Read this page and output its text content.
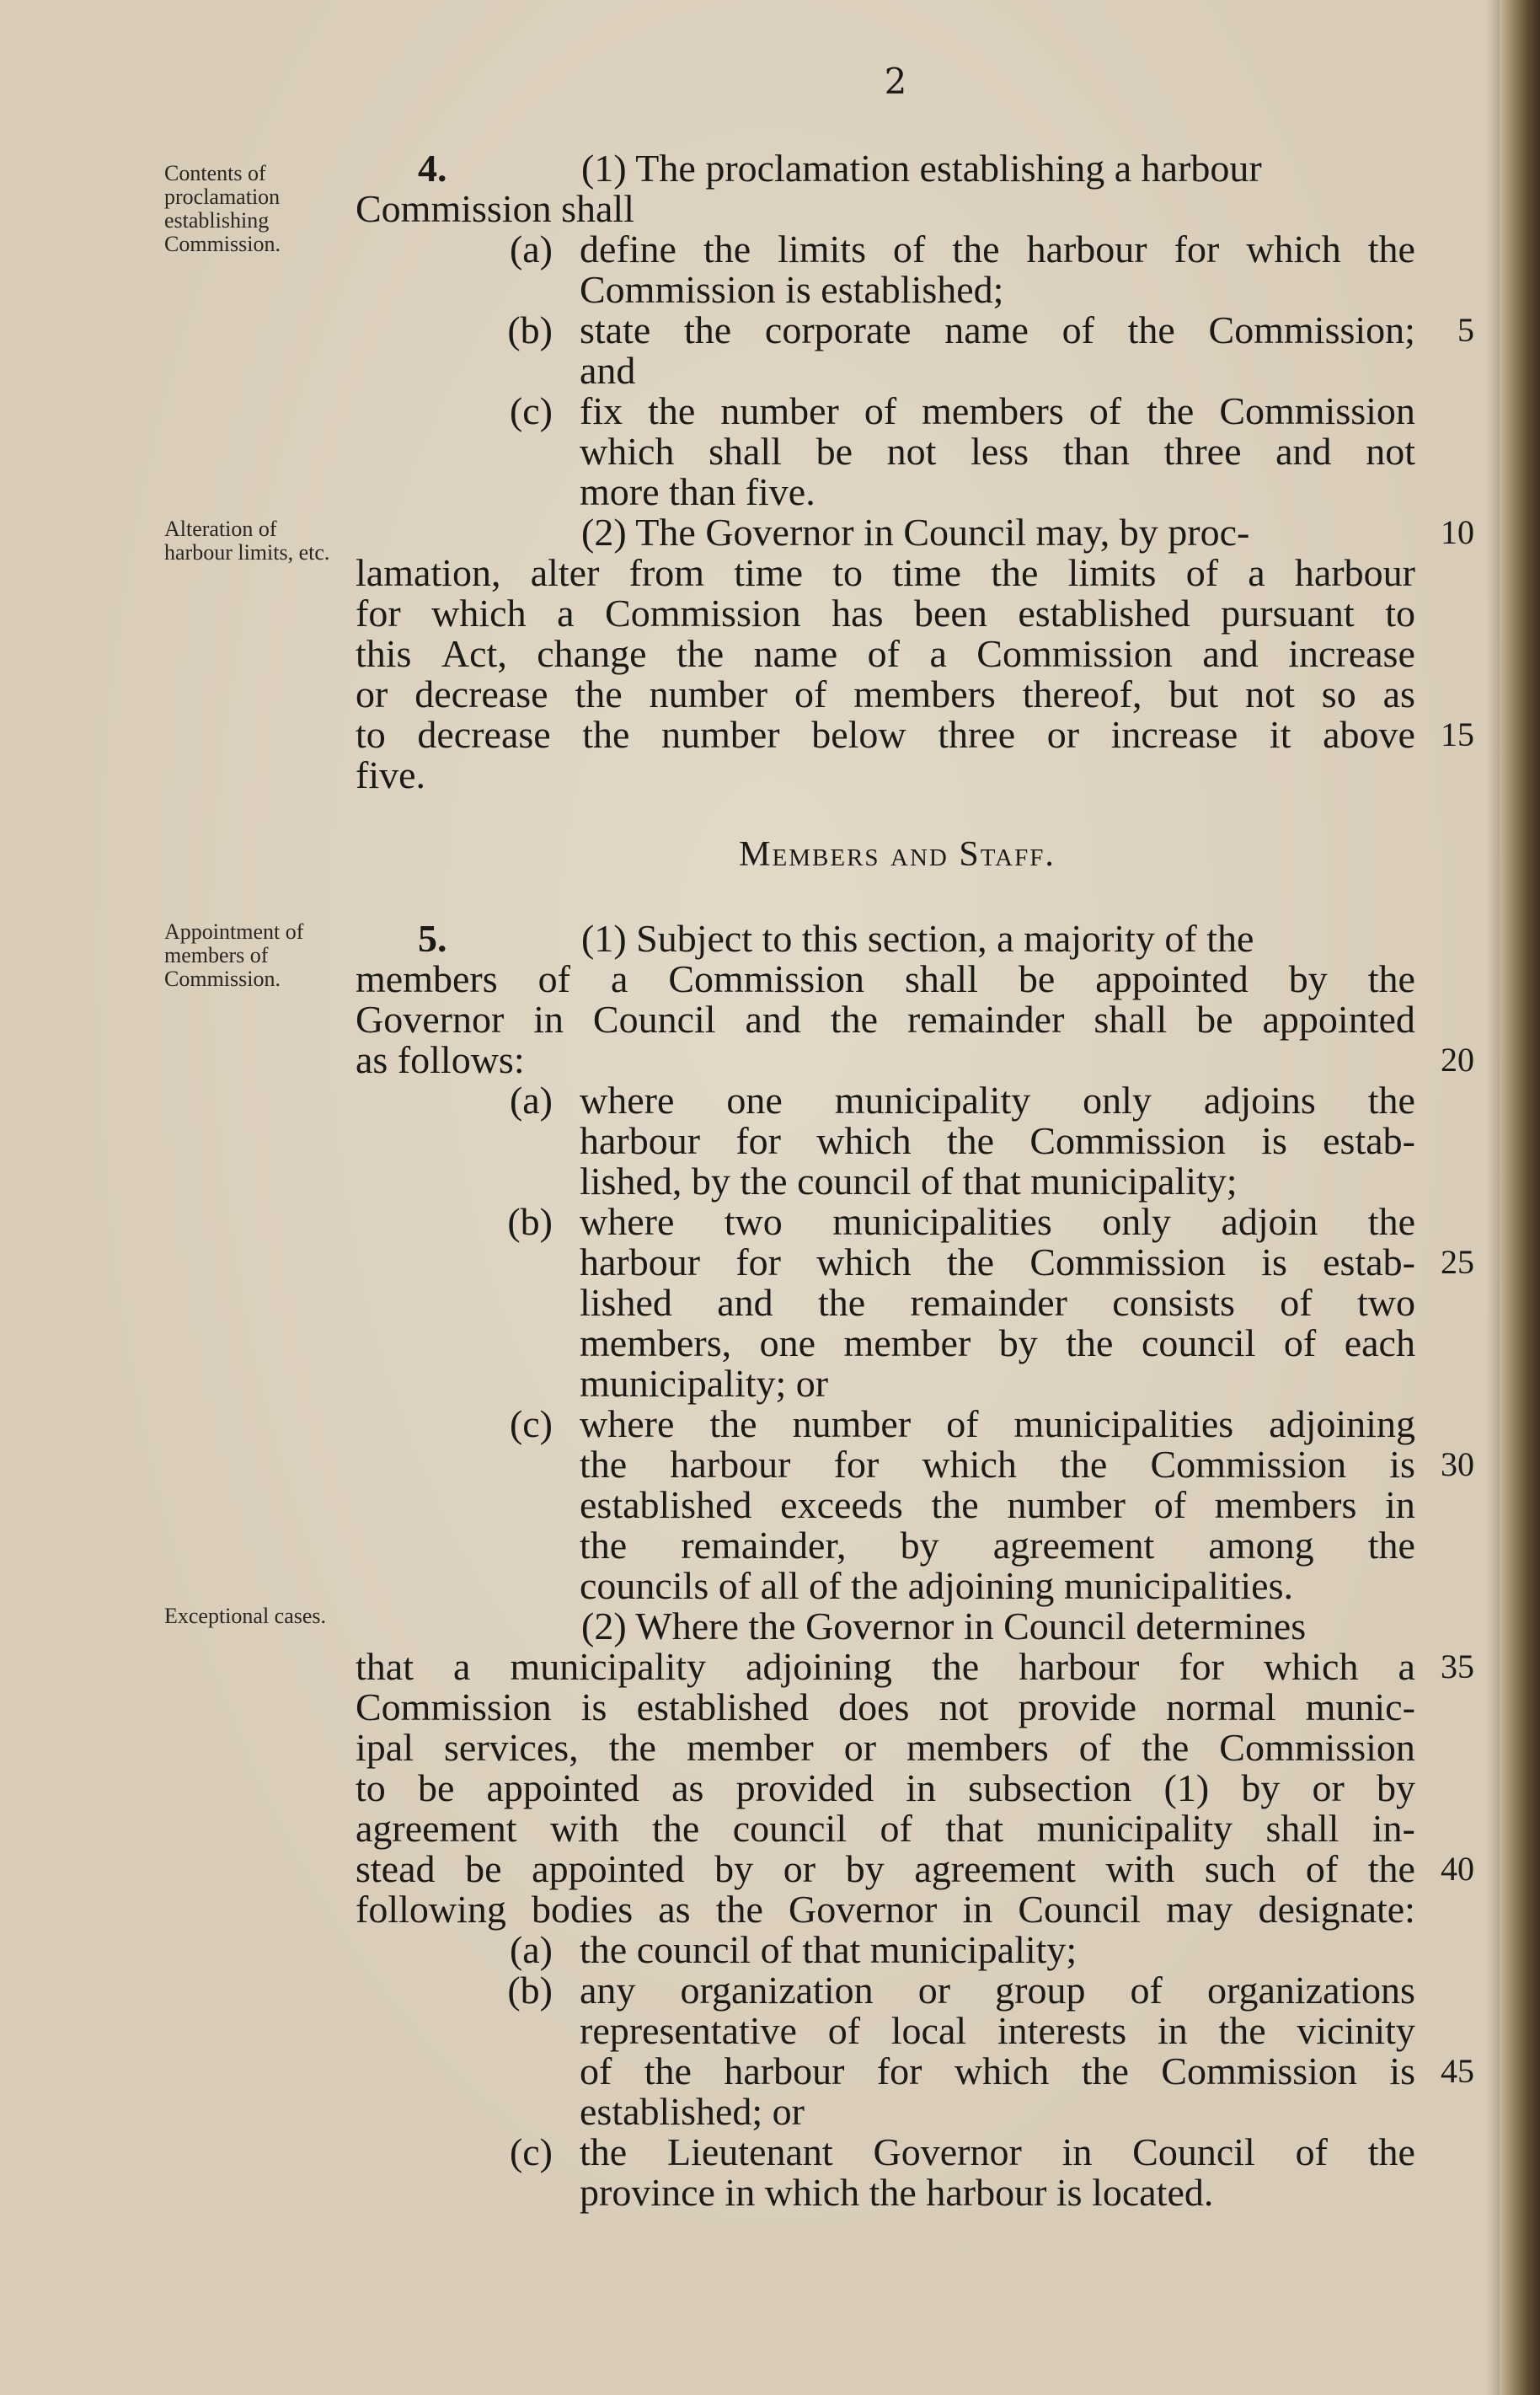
2
Contents of proclamation establishing Commission.
Alteration of harbour limits, etc.
Appointment of members of Commission.
Exceptional cases.
4.	(1) The proclamation establishing a harbour
Commission shall
(a) define the limits of the harbour for which the
Commission is established;
(b) state the corporate name of the Commission;
and
(c) fix the number of members of the Commission
which shall be not less than three and not
more than five.
(2) The Governor in Council may, by proc-
lamation, alter from time to time the limits of a harbour
for which a Commission has been established pursuant to
this Act, change the name of a Commission and increase
or decrease the number of members thereof, but not so as
to decrease the number below three or increase it above
five.
Members and Staff.
5.	(1) Subject to this section, a majority of the
members of a Commission shall be appointed by the
Governor in Council and the remainder shall be appointed
as follows:
(a) where one municipality only adjoins the
harbour for which the Commission is estab-
lished, by the council of that municipality;
(b) where two municipalities only adjoin the
harbour for which the Commission is estab-
lished and the remainder consists of two
members, one member by the council of each
municipality; or
(c) where the number of municipalities adjoining
the harbour for which the Commission is
established exceeds the number of members in
the remainder, by agreement among the
councils of all of the adjoining municipalities.
(2) Where the Governor in Council determines
that a municipality adjoining the harbour for which a
Commission is established does not provide normal munic-
ipal services, the member or members of the Commission
to be appointed as provided in subsection (1) by or by
agreement with the council of that municipality shall in-
stead be appointed by or by agreement with such of the
following bodies as the Governor in Council may designate:
(a) the council of that municipality;
(b) any organization or group of organizations
representative of local interests in the vicinity
of the harbour for which the Commission is
established; or
(c) the Lieutenant Governor in Council of the
province in which the harbour is located.
5
10
15
20
25
30
35
40
45
